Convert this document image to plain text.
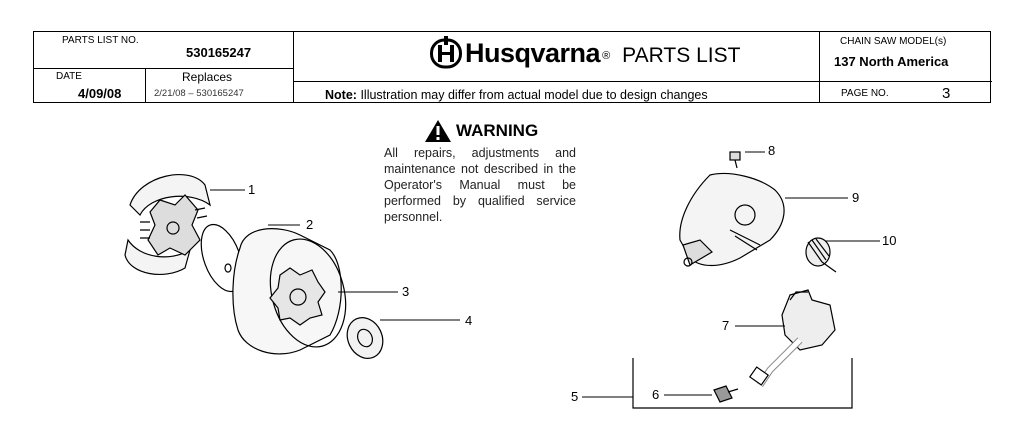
PARTS LIST NO.
530165247
DATE
4/09/08
Replaces
2/21/08 – 530165247
Husqvarna ® PARTS LIST
Note: Illustration may differ from actual model due to design changes
CHAIN SAW MODEL(s)
137 North America
PAGE NO.	3
WARNING
All repairs, adjustments and maintenance not described in the Operator's Manual must be performed by qualified service personnel.
1
2
3
4
5	6
7
8
9
10
